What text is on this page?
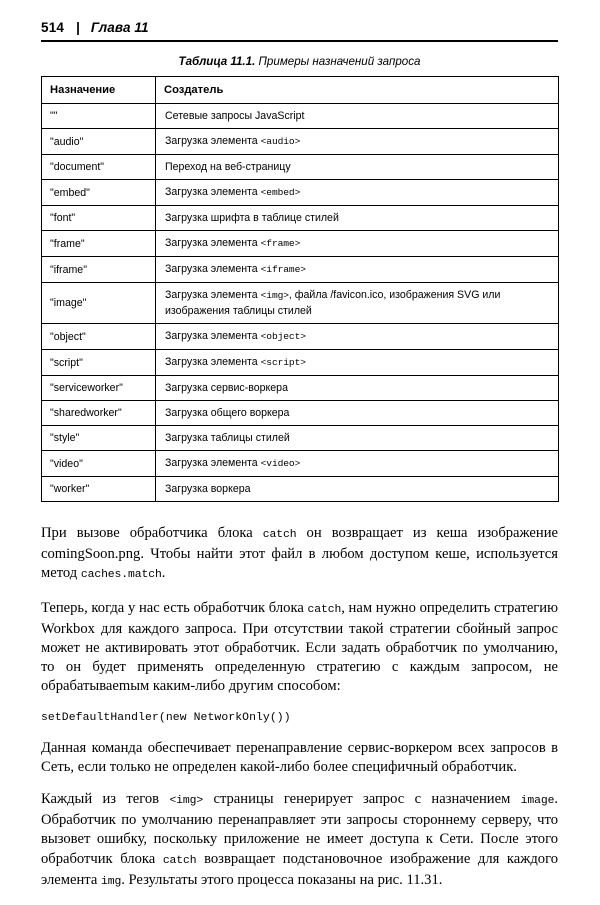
514 | Глава 11
Таблица 11.1. Примеры назначений запроса
Назначение	Создатель
""	Сетевые запросы JavaScript
"audio"	Загрузка элемента <audio>
"document"	Переход на веб-страницу
"embed"	Загрузка элемента <embed>
"font"	Загрузка шрифта в таблице стилей
"frame"	Загрузка элемента <frame>
"iframe"	Загрузка элемента <iframe>
"image"	Загрузка элемента <img>, файла /favicon.ico, изображения SVG или изображения таблицы стилей
"object"	Загрузка элемента <object>
"script"	Загрузка элемента <script>
"serviceworker"	Загрузка сервис-воркера
"sharedworker"	Загрузка общего воркера
"style"	Загрузка таблицы стилей
"video"	Загрузка элемента <video>
"worker"	Загрузка воркера

При вызове обработчика блока catch он возвращает из кеша изображение comingSoon.png. Чтобы найти этот файл в любом доступом кеше, используется метод caches.match.

Теперь, когда у нас есть обработчик блока catch, нам нужно определить стратегию Workbox для каждого запроса. При отсутствии такой стратегии сбойный запрос может не активировать этот обработчик. Если задать обработчик по умолчанию, то он будет применять определенную стратегию с каждым запросом, не обрабатываеmым каким-либо другим способом:

setDefaultHandler(new NetworkOnly())

Данная команда обеспечивает перенаправление сервис-воркером всех запросов в Сеть, если только не определен какой-либо более специфичный обработчик.

Каждый из тегов <img> страницы генерирует запрос с назначением image. Обработчик по умолчанию перенаправляет эти запросы стороннему серверу, что вызовет ошибку, поскольку приложение не имеет доступа к Сети. После этого обработчик блока catch возвращает подстановочное изображение для каждого элемента img. Результаты этого процесса показаны на рис. 11.31.
